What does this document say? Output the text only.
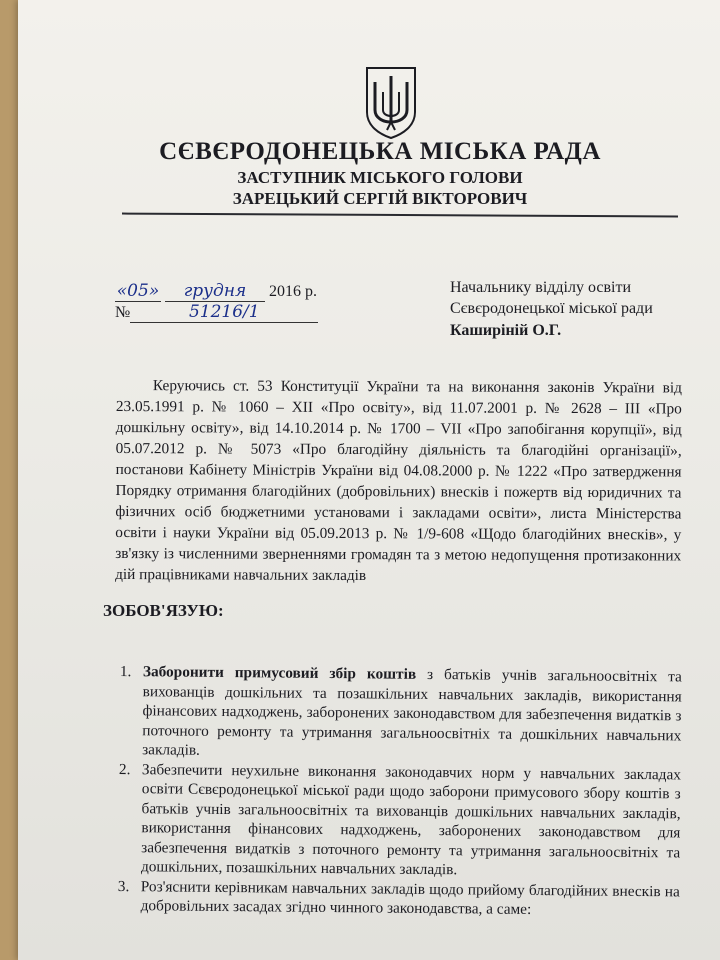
СЄВЄРОДОНЕЦЬКА МІСЬКА РАДА
ЗАСТУПНИК МІСЬКОГО ГОЛОВИ
ЗАРЕЦЬКИЙ СЕРГІЙ ВІКТОРОВИЧ
«05» грудня 2016 р.
№	51216/1
Начальнику відділу освіти
Сєвєродонецької міської ради
Каширіній О.Г.
Керуючись ст. 53 Конституції України та на виконання законів України від 23.05.1991 р. № 1060 – XII «Про освіту», від 11.07.2001 р. № 2628 – III «Про дошкільну освіту», від 14.10.2014 р. № 1700 – VII «Про запобігання корупції», від 05.07.2012 р. № 5073 «Про благодійну діяльність та благодійні організації», постанови Кабінету Міністрів України від 04.08.2000 р. № 1222 «Про затвердження Порядку отримання благодійних (добровільних) внесків і пожертв від юридичних та фізичних осіб бюджетними установами і закладами освіти», листа Міністерства освіти і науки України від 05.09.2013 р. № 1/9-608 «Щодо благодійних внесків», у зв'язку із численними зверненнями громадян та з метою недопущення протизаконних дій працівниками навчальних закладів
ЗОБОВ'ЯЗУЮ:
1. Заборонити примусовий збір коштів з батьків учнів загальноосвітніх та вихованців дошкільних та позашкільних навчальних закладів, використання фінансових надходжень, заборонених законодавством для забезпечення видатків з поточного ремонту та утримання загальноосвітніх та дошкільних навчальних закладів.
2. Забезпечити неухильне виконання законодавчих норм у навчальних закладах освіти Сєвєродонецької міської ради щодо заборони примусового збору коштів з батьків учнів загальноосвітніх та вихованців дошкільних навчальних закладів, використання фінансових надходжень, заборонених законодавством для забезпечення видатків з поточного ремонту та утримання загальноосвітніх та дошкільних, позашкільних навчальних закладів.
3. Роз'яснити керівникам навчальних закладів щодо прийому благодійних внесків на добровільних засадах згідно чинного законодавства, а саме:
